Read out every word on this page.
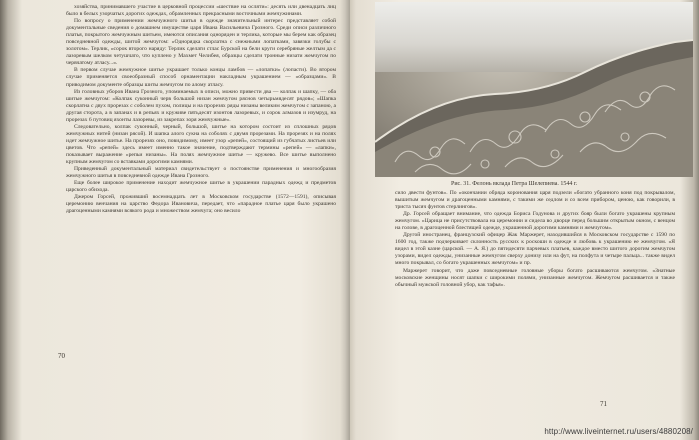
хозяйства, принимавшего участие в церковной процессии «шествие на осляти»: десять или двенадцать лиц было в белых узорчатых дорогих одеждах, обрамленных прекрасными восточными жемчужинами.

По вопросу о применении жемчужного шитья в одежде значительный интерес представляет собой документальные сведения о домашнем имуществе царя Ивана Васильевича Грозного. Среди описи различного платья, покрытого жемчужным шитьем, имеются описания одноряден и терлика, которые мы берем как образец повседневной одежды, шитой жемчугом: «Однорядка скорлатна с снежными лопатками, завязки голубы с золотом». Терлик, «сорок второго наряду: Терлик сделати стлас Бурской на бели круги серебряные желтым да с лазоревым шелком четушчато, что куплено у Махмет Челибея, образцы сделати тронные низати жемчугом по червчатому атласу...».

В первом случае жемчужное шитье украшает только концы ламбов — «лопатки» (лопасти). Во втором случае применяется своеобразный способ орнаментации накладным украшением — «образцами». В приводимом документе образцы шиты жемчугом по алому атласу.

Из головных уборов Ивана Грозного, упоминаемых в описи, можно привести два — колпак и шапку, — оба шитые жемчугом: «Колпак суконный черв большой низан жемчугом ряснов четырьмядесят рядов»; «Шапка скорлатна с двух прорезах с соболем пухом, полицы и на прорезях ряды низаны великим жемчугом с запаною, а другая сторота, а в запанах и в репьях и круживе пятьдесят изонтов лазоревых, и сорок алмазов и изумруд, на прорезах 6 путовиц яхонты лазоревы, из закрепах зоря жемчужные».

Следовательно, колпак суконный, черный, большой, шитье на котором состоит из сплошных рядов жемчужных нитей (низан рясой). И шапка алого сукна на соболях с двумя прорезами. На прорезях и на полях идет жемчужное шитье. На прорезях оно, повидимому, имеет узор «репей», состоящий из губчатых листьев или цветов. Что «репей» здесь имеет именно такое значение, подтверждают термины «репей» — «лапки», показывает выражение «репьи низаны». На полях жемчужное шитье — кружево. Все шитье выполнено крупным жемчугом со вставками дорогими камнями.

Приведенный документальный материал свидетельствует о постоянстве применения и многообразия жемчужного шитья в повседневной одежде Ивана Грозного.

Еще более широкое применение находит жемчужное шитье в украшении парадных одежд и предметов царского обихода.

Джером Горсей, проживший восемнадцать лет в Московском государстве (1572—1591), описывая церемонию венчания на царство Федора Ивановича, передает, что «парадное платье царя было украшено драгоценными камнями всякого рода и множеством жемчуга; оно весило

70
Рис. 31. Фелонь вклада Петра Шелепиева. 1544 г.

сило двести фунтов». По «окончании обряда коронования царя подзели «богато убранного коня под покрывалом, вышитым жемчугом и драгоценными камнями, с такими же седлом и со всем прибором, ценою, как говорили, в триста тысяч фунтов стерлингов».

Др. Горсей обращает внимание, что одежда Бориса Годунова и других бояр были богато украшены крупным жемчугом. «Царица не присутствовала на церемонии и сидела во дворце перед большим открытым окном, с венцом на голове, в драгоценной блестящей одежде, украшенной дорогими камнями и жемчугом».

Другой иностранец, французский офицер Жак Маржерет, находившийся в Московском государстве с 1590 по 1600 год, также подчеркивает склонность русских к роскоши в одежде и любовь к украшению ее жемчугом. «Я видел в этой казне (царской. — А. Я.) до пятидесяти парчевых платьев, каждое вместо шитого дорогим жемчугом узорами, видел одежды, унизанные жемчугом сверху донизу или на фут, на полфута и четыре пальца... также видел много покрывал, со богато украшенных жемчугом» и пр.

Маржерет говорит, что даже повседневные головные уборы богато расшиваются жемчугом. «Знатные московские женщины носят шапки с широкими полями, унизанные жемчугом. Жемчугом расшивается и также обычный мужской головной убор, как тафья».

71
http://www.liveinternet.ru/users/4880208/
